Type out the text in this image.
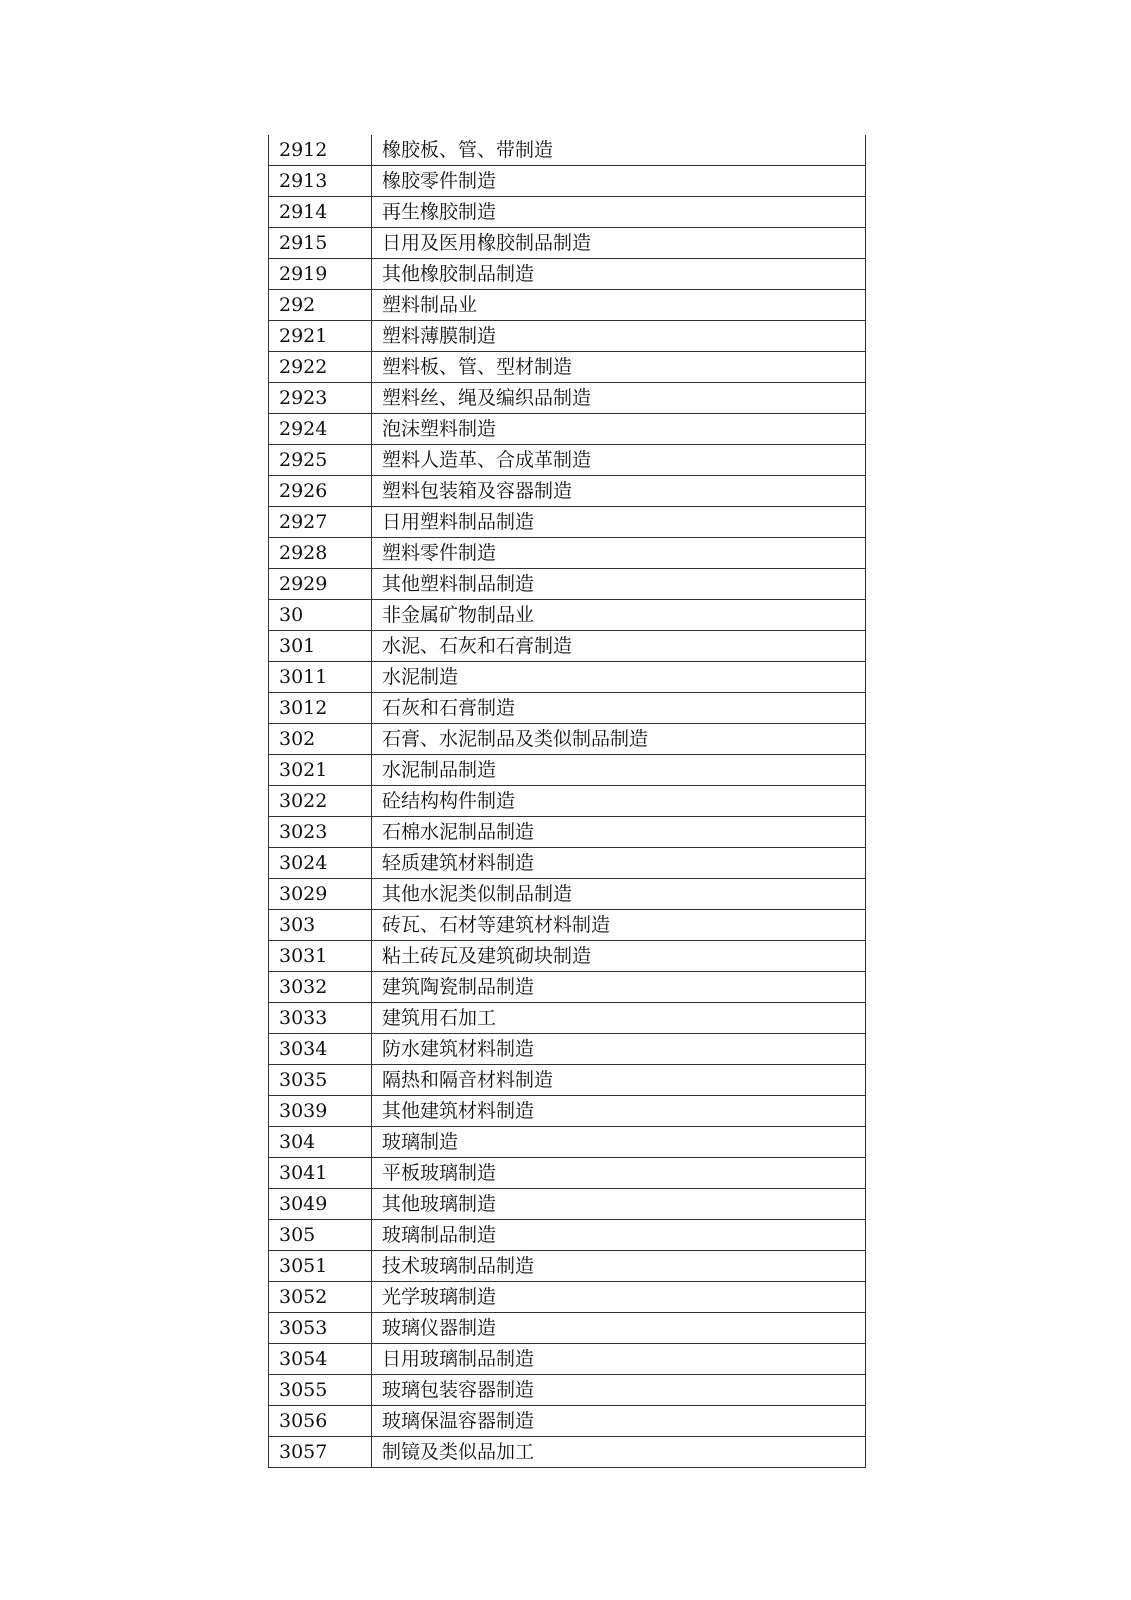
2912	橡胶板、管、带制造
2913	橡胶零件制造
2914	再生橡胶制造
2915	日用及医用橡胶制品制造
2919	其他橡胶制品制造
292	塑料制品业
2921	塑料薄膜制造
2922	塑料板、管、型材制造
2923	塑料丝、绳及编织品制造
2924	泡沫塑料制造
2925	塑料人造革、合成革制造
2926	塑料包装箱及容器制造
2927	日用塑料制品制造
2928	塑料零件制造
2929	其他塑料制品制造
30	非金属矿物制品业
301	水泥、石灰和石膏制造
3011	水泥制造
3012	石灰和石膏制造
302	石膏、水泥制品及类似制品制造
3021	水泥制品制造
3022	砼结构构件制造
3023	石棉水泥制品制造
3024	轻质建筑材料制造
3029	其他水泥类似制品制造
303	砖瓦、石材等建筑材料制造
3031	粘土砖瓦及建筑砌块制造
3032	建筑陶瓷制品制造
3033	建筑用石加工
3034	防水建筑材料制造
3035	隔热和隔音材料制造
3039	其他建筑材料制造
304	玻璃制造
3041	平板玻璃制造
3049	其他玻璃制造
305	玻璃制品制造
3051	技术玻璃制品制造
3052	光学玻璃制造
3053	玻璃仪器制造
3054	日用玻璃制品制造
3055	玻璃包装容器制造
3056	玻璃保温容器制造
3057	制镜及类似品加工
